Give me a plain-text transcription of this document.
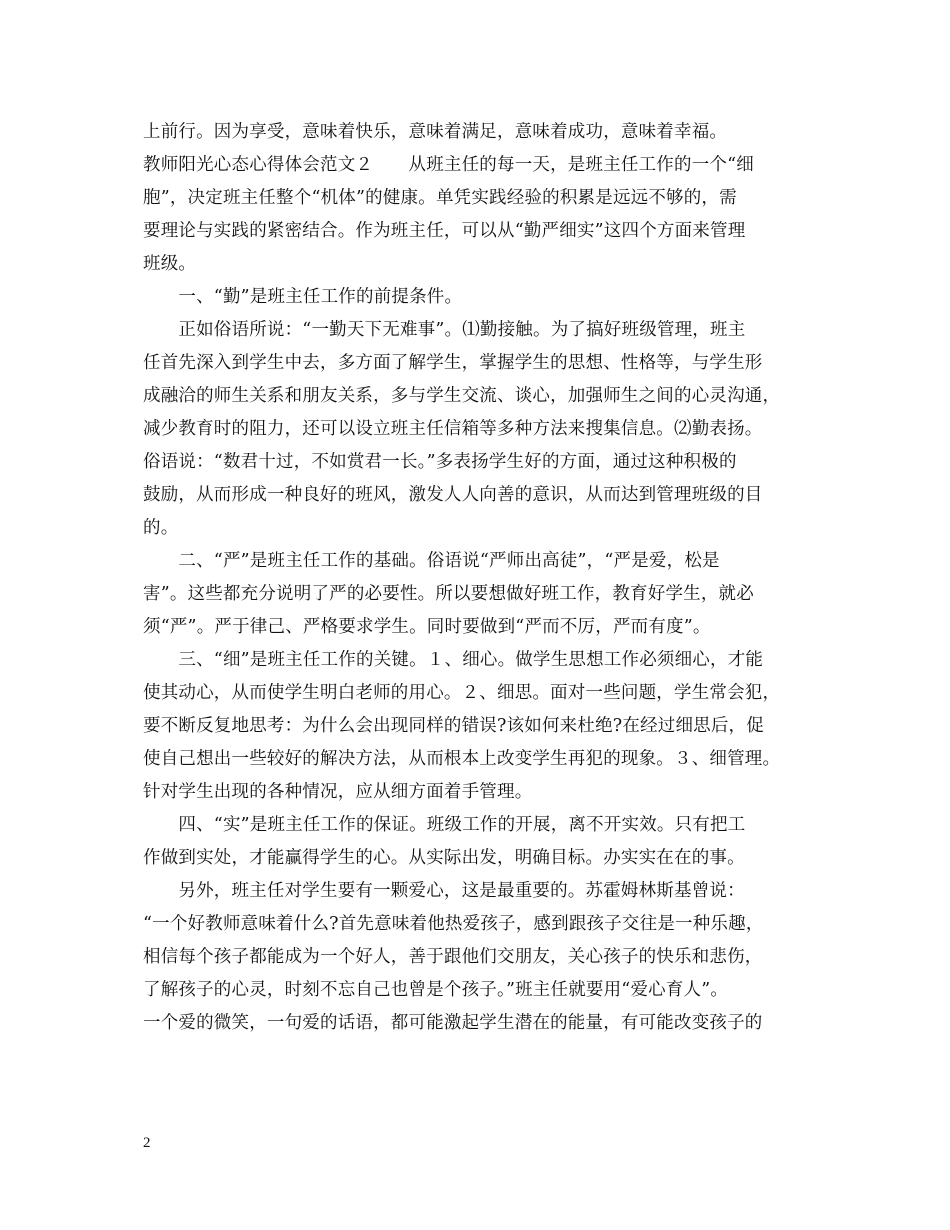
上前行。因为享受，意味着快乐，意味着满足，意味着成功，意味着幸福。
教师阳光心态心得体会范文２　　从班主任的每一天，是班主任工作的一个“细
胞”，决定班主任整个“机体”的健康。单凭实践经验的积累是远远不够的，需
要理论与实践的紧密结合。作为班主任，可以从“勤严细实”这四个方面来管理
班级。
　　一、“勤”是班主任工作的前提条件。
　　正如俗语所说：“一勤天下无难事”。⑴勤接触。为了搞好班级管理，班主
任首先深入到学生中去，多方面了解学生，掌握学生的思想、性格等，与学生形
成融洽的师生关系和朋友关系，多与学生交流、谈心，加强师生之间的心灵沟通，
减少教育时的阻力，还可以设立班主任信箱等多种方法来搜集信息。⑵勤表扬。
俗语说：“数君十过，不如赏君一长。”多表扬学生好的方面，通过这种积极的
鼓励，从而形成一种良好的班风，激发人人向善的意识，从而达到管理班级的目
的。
　　二、“严”是班主任工作的基础。俗语说“严师出高徒”，“严是爱，松是
害”。这些都充分说明了严的必要性。所以要想做好班工作，教育好学生，就必
须“严”。严于律己、严格要求学生。同时要做到“严而不厉，严而有度”。
　　三、“细”是班主任工作的关键。１、细心。做学生思想工作必须细心，才能
使其动心，从而使学生明白老师的用心。２、细思。面对一些问题，学生常会犯，
要不断反复地思考：为什么会出现同样的错误?该如何来杜绝?在经过细思后，促
使自己想出一些较好的解决方法，从而根本上改变学生再犯的现象。３、细管理。
针对学生出现的各种情况，应从细方面着手管理。
　　四、“实”是班主任工作的保证。班级工作的开展，离不开实效。只有把工
作做到实处，才能赢得学生的心。从实际出发，明确目标。办实实在在的事。
　　另外，班主任对学生要有一颗爱心，这是最重要的。苏霍姆林斯基曾说：
“一个好教师意味着什么?首先意味着他热爱孩子，感到跟孩子交往是一种乐趣，
相信每个孩子都能成为一个好人，善于跟他们交朋友，关心孩子的快乐和悲伤，
了解孩子的心灵，时刻不忘自己也曾是个孩子。”班主任就要用“爱心育人”。
一个爱的微笑，一句爱的话语，都可能激起学生潜在的能量，有可能改变孩子的
2
